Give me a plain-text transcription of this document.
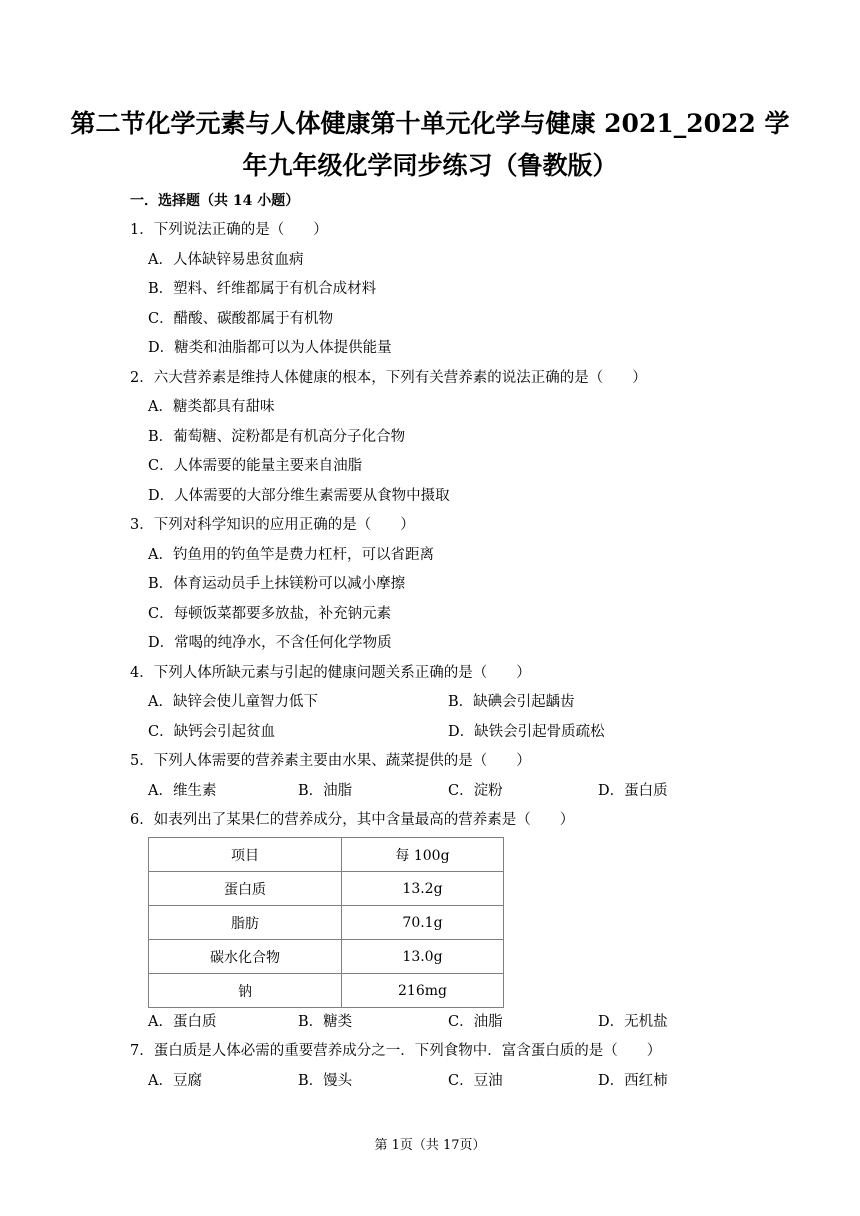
第二节化学元素与人体健康第十单元化学与健康 2021_2022 学
年九年级化学同步练习（鲁教版）
一．选择题（共 14 小题）
1．下列说法正确的是（　　）
A．人体缺锌易患贫血病
B．塑料、纤维都属于有机合成材料
C．醋酸、碳酸都属于有机物
D．糖类和油脂都可以为人体提供能量
2．六大营养素是维持人体健康的根本，下列有关营养素的说法正确的是（　　）
A．糖类都具有甜味
B．葡萄糖、淀粉都是有机高分子化合物
C．人体需要的能量主要来自油脂
D．人体需要的大部分维生素需要从食物中摄取
3．下列对科学知识的应用正确的是（　　）
A．钓鱼用的钓鱼竿是费力杠杆，可以省距离
B．体育运动员手上抹镁粉可以减小摩擦
C．每顿饭菜都要多放盐，补充钠元素
D．常喝的纯净水，不含任何化学物质
4．下列人体所缺元素与引起的健康问题关系正确的是（　　）
A．缺锌会使儿童智力低下	B．缺碘会引起龋齿
C．缺钙会引起贫血	D．缺铁会引起骨质疏松
5．下列人体需要的营养素主要由水果、蔬菜提供的是（　　）
A．维生素	B．油脂	C．淀粉	D．蛋白质
6．如表列出了某果仁的营养成分，其中含量最高的营养素是（　　）
项目	每 100g
蛋白质	13.2g
脂肪	70.1g
碳水化合物	13.0g
钠	216mg
A．蛋白质	B．糖类	C．油脂	D．无机盐
7．蛋白质是人体必需的重要营养成分之一．下列食物中．富含蛋白质的是（　　）
A．豆腐	B．馒头	C．豆油	D．西红柿
第 1页（共 17页）
